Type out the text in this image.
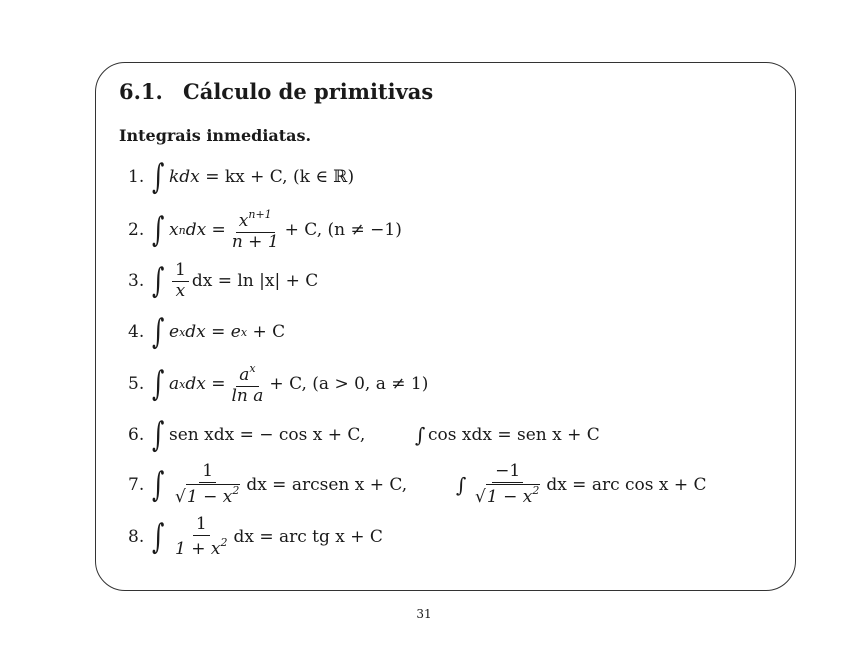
6.1. Cálculo de primitivas
Integrais inmediatas.
1. ∫ kdx
= kx + C, (k ∈ ℝ)
2. ∫ x n dx = $\frac{x^{n+1}}{n + 1} + C$, (n ≠ −1)
3. ∫ $\frac{1}{x}$ dx = ln |x| + C
4. ∫ e x dx = e x
+ C
5. ∫ a x dx = $\frac{a^x}{\text{ln a}} + C$, (a > 0, a ≠ 1)
6. ∫ sen xdx = − cos x + C, ∫ cos xdx = sen x + C
7. ∫ $\frac{1}{√ 1 - x^2}$ dx = arcsen x + C, ∫ $\frac{-1}{√ 1 - x^2}$ dx = arc cos x + C
8. ∫ $\frac{1}{1 + x^2}$ dx = arc tg x + C
31
